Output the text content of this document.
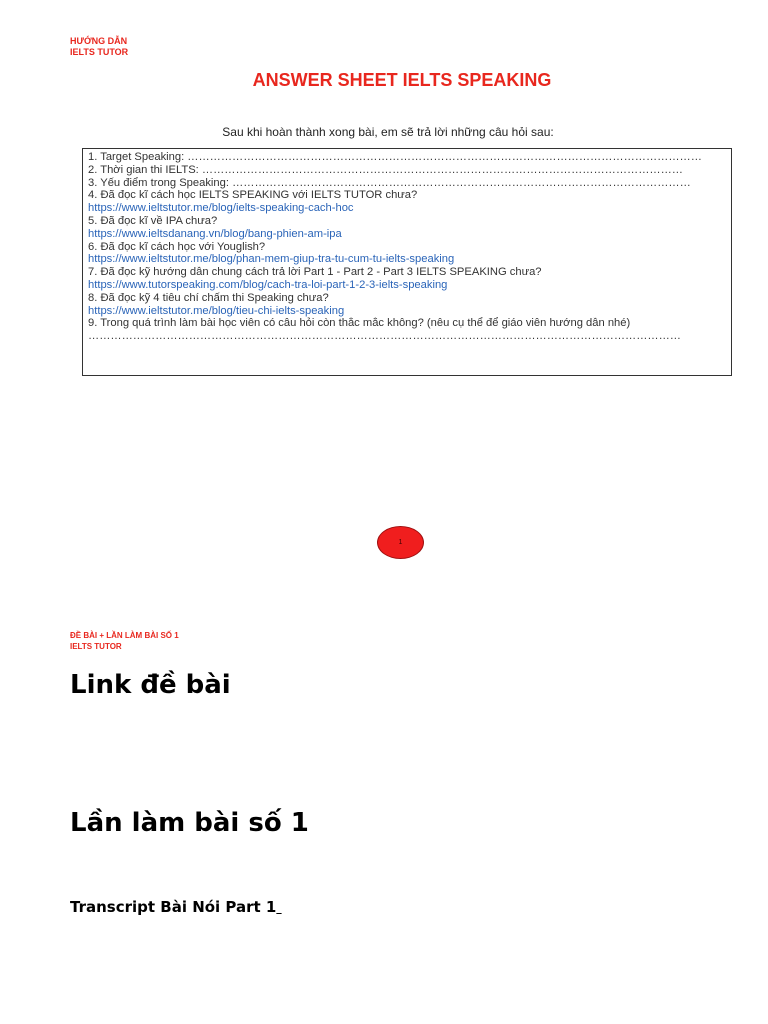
HƯỚNG DẪN
IELTS TUTOR
ANSWER SHEET IELTS SPEAKING
Sau khi hoàn thành xong bài, em sẽ trả lời những câu hỏi sau:
1. Target Speaking: …………………………………………………………………………………………………………………………
2. Thời gian thi IELTS: …………………………………………………………………………………………………………………
3. Yếu điểm trong Speaking: ……………………………………………………………………………………………………………
4. Đã đọc kĩ cách học IELTS SPEAKING với IELTS TUTOR chưa?
https://www.ieltstutor.me/blog/ielts-speaking-cach-hoc
5. Đã đọc kĩ về IPA chưa?
https://www.ieltsdanang.vn/blog/bang-phien-am-ipa
6. Đã đọc kĩ cách học với Youglish?
https://www.ieltstutor.me/blog/phan-mem-giup-tra-tu-cum-tu-ielts-speaking
7. Đã đọc kỹ hướng dẫn chung cách trả lời Part 1 - Part 2 - Part 3 IELTS SPEAKING chưa?
https://www.tutorspeaking.com/blog/cach-tra-loi-part-1-2-3-ielts-speaking
8. Đã đọc kỹ 4 tiêu chí chấm thi Speaking chưa?
https://www.ieltstutor.me/blog/tieu-chi-ielts-speaking
9. Trong quá trình làm bài học viên có câu hỏi còn thắc mắc không? (nêu cụ thể để giáo viên hướng dẫn nhé)
……………………………………………………………………………………………………………………………………………
1
ĐỀ BÀI + LẦN LÀM BÀI SỐ 1
IELTS TUTOR
Link đề bài
Lần làm bài số 1
Transcript Bài Nói Part 1
